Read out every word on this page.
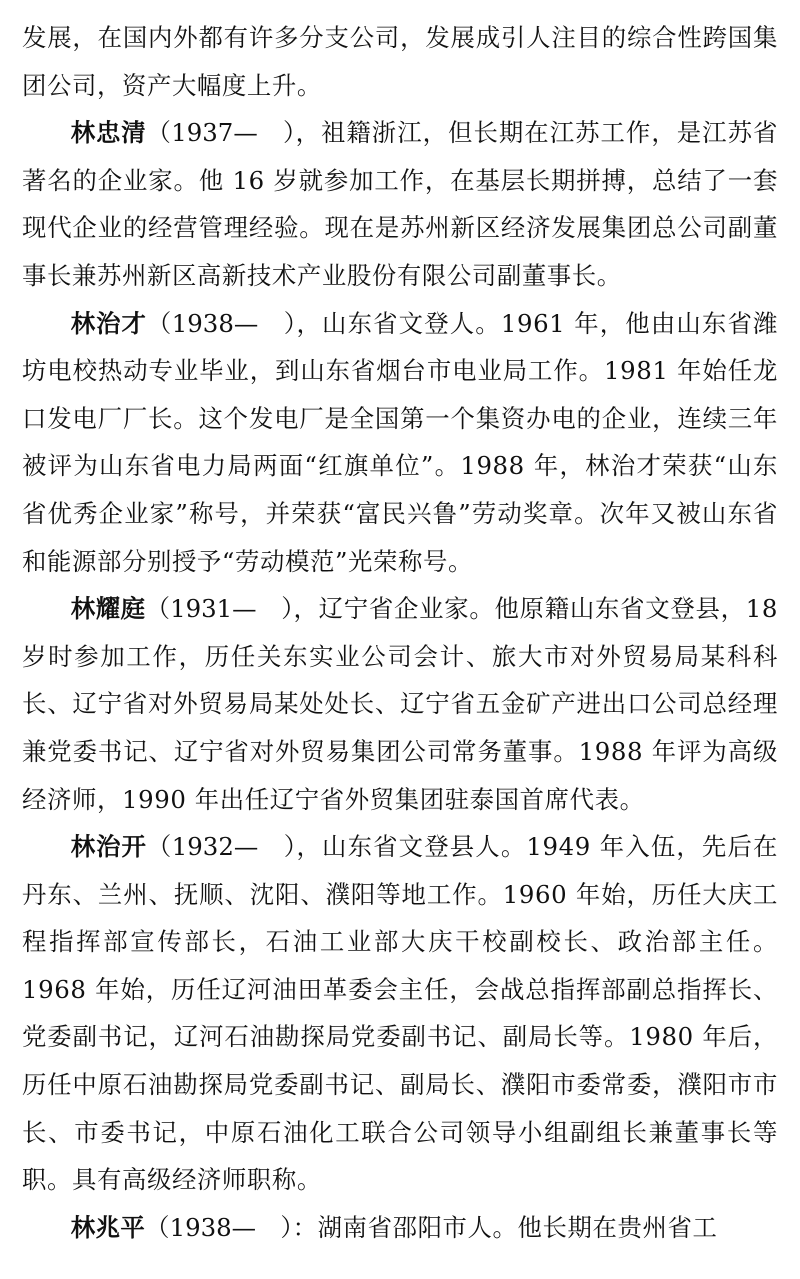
发展，在国内外都有许多分支公司，发展成引人注目的综合性跨国集团公司，资产大幅度上升。

林忠清（1937—　），祖籍浙江，但长期在江苏工作，是江苏省著名的企业家。他 16 岁就参加工作，在基层长期拼搏，总结了一套现代企业的经营管理经验。现在是苏州新区经济发展集团总公司副董事长兼苏州新区高新技术产业股份有限公司副董事长。

林治才（1938—　），山东省文登人。1961 年，他由山东省潍坊电校热动专业毕业，到山东省烟台市电业局工作。1981 年始任龙口发电厂厂长。这个发电厂是全国第一个集资办电的企业，连续三年被评为山东省电力局两面“红旗单位”。1988 年，林治才荣获“山东省优秀企业家”称号，并荣获“富民兴鲁”劳动奖章。次年又被山东省和能源部分别授予“劳动模范”光荣称号。

林耀庭（1931—　），辽宁省企业家。他原籍山东省文登县，18 岁时参加工作，历任关东实业公司会计、旅大市对外贸易局某科科长、辽宁省对外贸易局某处处长、辽宁省五金矿产进出口公司总经理兼党委书记、辽宁省对外贸易集团公司常务董事。1988 年评为高级经济师，1990 年出任辽宁省外贸集团驻泰国首席代表。

林治开（1932—　），山东省文登县人。1949 年入伍，先后在丹东、兰州、抚顺、沈阳、濮阳等地工作。1960 年始，历任大庆工程指挥部宣传部长，石油工业部大庆干校副校长、政治部主任。1968 年始，历任辽河油田革委会主任，会战总指挥部副总指挥长、党委副书记，辽河石油勘探局党委副书记、副局长等。1980 年后，历任中原石油勘探局党委副书记、副局长、濮阳市委常委，濮阳市市长、市委书记，中原石油化工联合公司领导小组副组长兼董事长等职。具有高级经济师职称。

林兆平（1938—　）：湖南省邵阳市人。他长期在贵州省工
